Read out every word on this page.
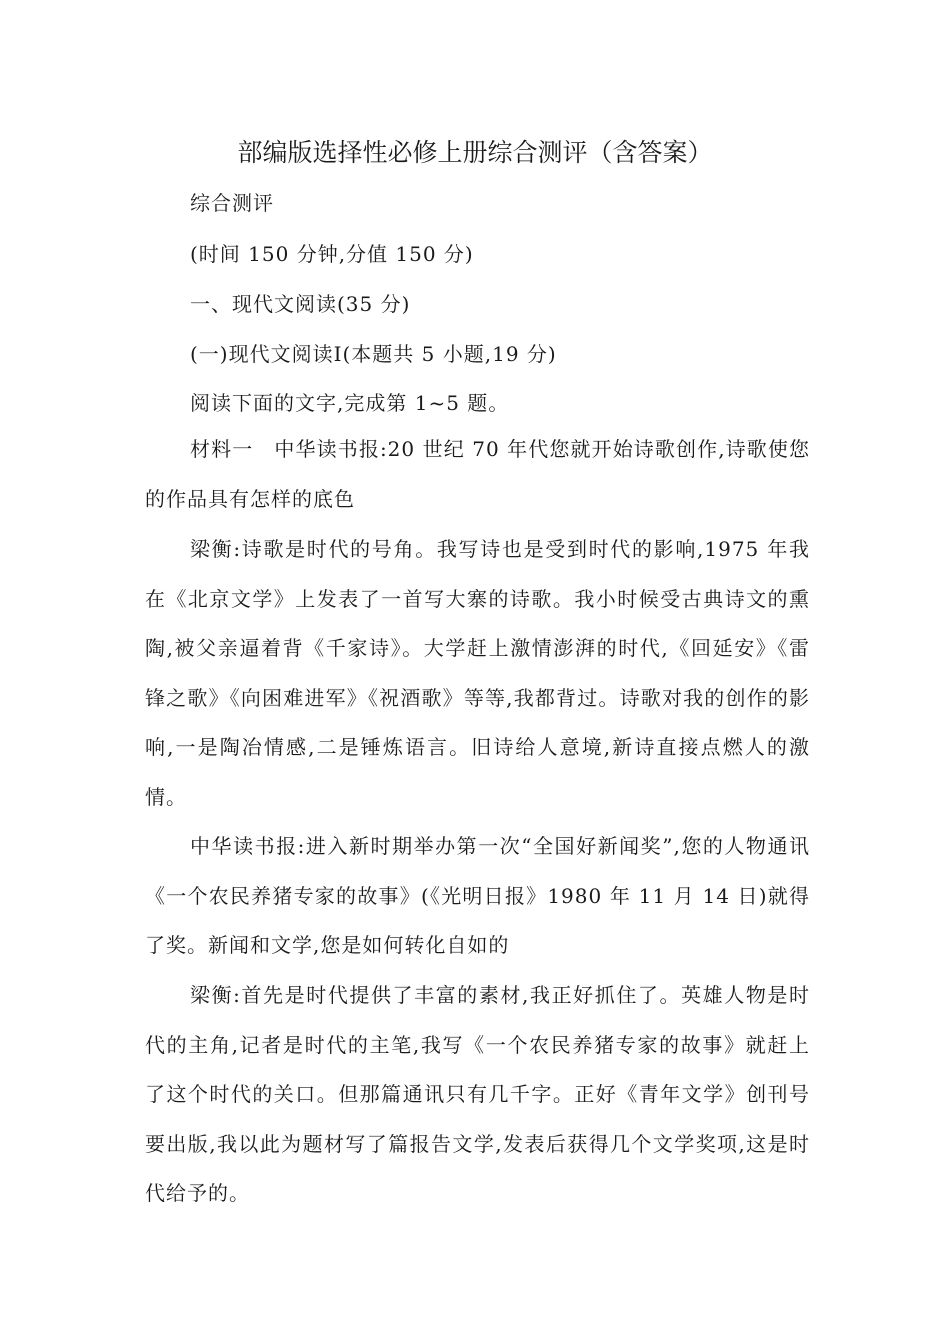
部编版选择性必修上册综合测评（含答案）

综合测评

(时间 150 分钟,分值 150 分)

一、现代文阅读(35 分)

(一)现代文阅读Ⅰ(本题共 5 小题,19 分)

阅读下面的文字,完成第 1~5 题。

材料一　中华读书报:20 世纪 70 年代您就开始诗歌创作,诗歌使您的作品具有怎样的底色

梁衡:诗歌是时代的号角。我写诗也是受到时代的影响,1975 年我在《北京文学》上发表了一首写大寨的诗歌。我小时候受古典诗文的熏陶,被父亲逼着背《千家诗》。大学赶上激情澎湃的时代,《回延安》《雷锋之歌》《向困难进军》《祝酒歌》等等,我都背过。诗歌对我的创作的影响,一是陶冶情感,二是锤炼语言。旧诗给人意境,新诗直接点燃人的激情。

中华读书报:进入新时期举办第一次“全国好新闻奖”,您的人物通讯《一个农民养猪专家的故事》(《光明日报》1980 年 11 月 14 日)就得了奖。新闻和文学,您是如何转化自如的

梁衡:首先是时代提供了丰富的素材,我正好抓住了。英雄人物是时代的主角,记者是时代的主笔,我写《一个农民养猪专家的故事》就赶上了这个时代的关口。但那篇通讯只有几千字。正好《青年文学》创刊号要出版,我以此为题材写了篇报告文学,发表后获得几个文学奖项,这是时代给予的。
